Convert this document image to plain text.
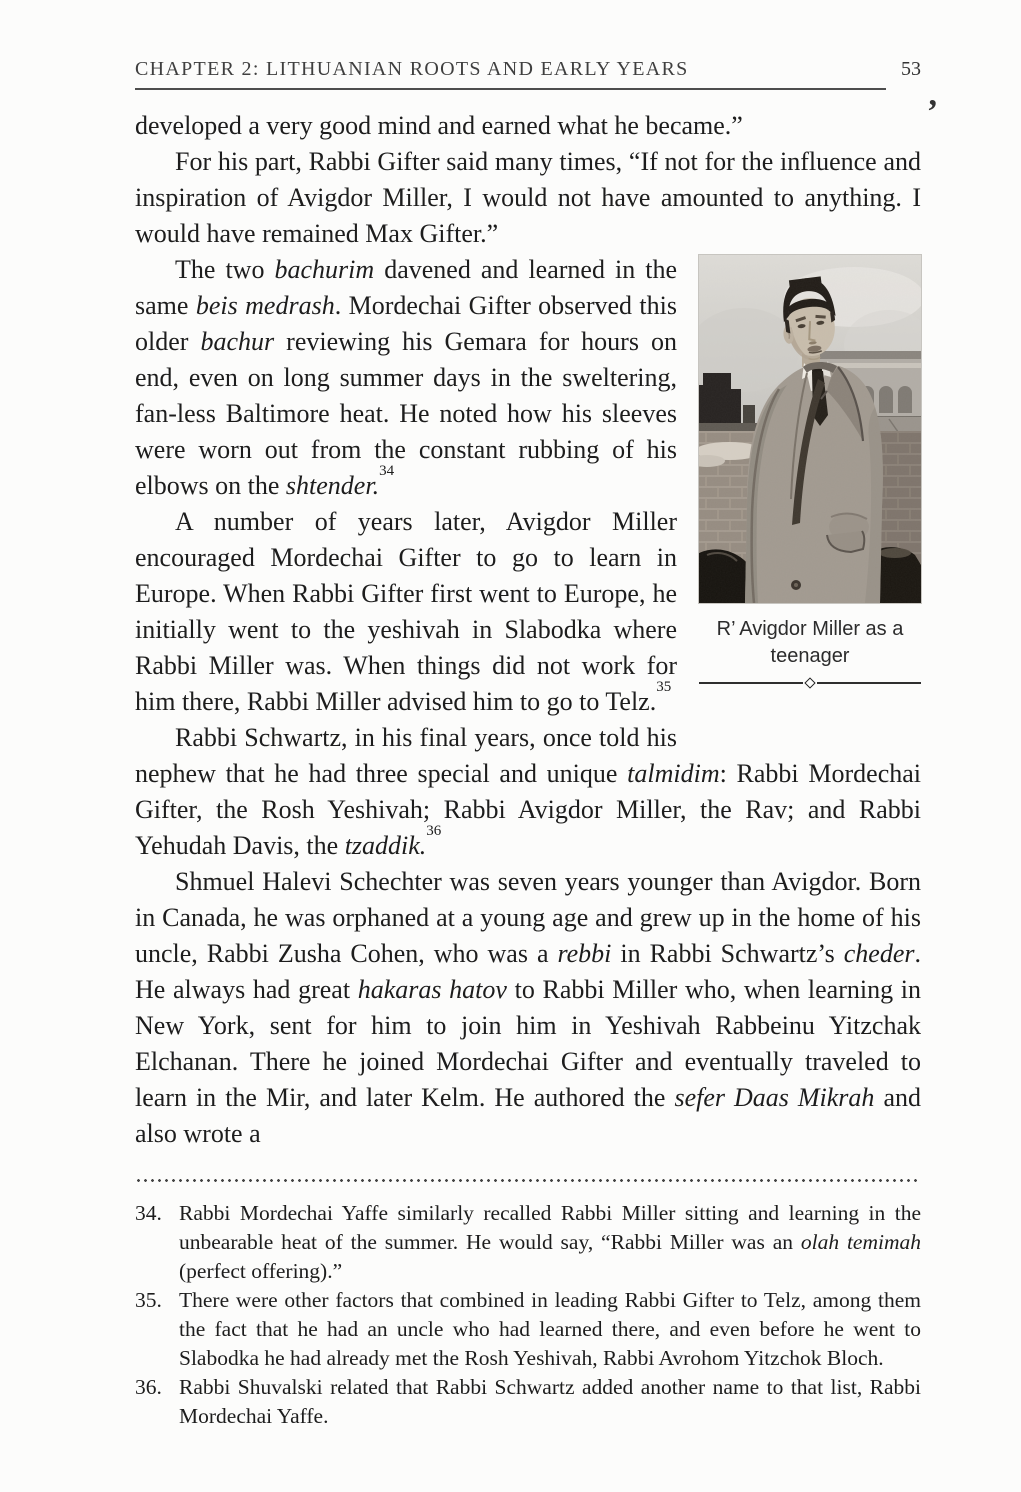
CHAPTER 2: LITHUANIAN ROOTS AND EARLY YEARS	53
,

developed a very good mind and earned what he became.”

For his part, Rabbi Gifter said many times, “If not for the influence and inspiration of Avigdor Miller, I would not have amounted to anything. I would have remained Max Gifter.”

R’ Avigdor Miller as a teenager

The two bachurim davened and learned in the same beis medrash. Mordechai Gifter observed this older bachur reviewing his Gemara for hours on end, even on long summer days in the sweltering, fan-less Baltimore heat. He noted how his sleeves were worn out from the constant rubbing of his elbows on the shtender.$^{34}$

A number of years later, Avigdor Miller encouraged Mordechai Gifter to go to learn in Europe. When Rabbi Gifter first went to Europe, he initially went to the yeshivah in Slabodka where Rabbi Miller was. When things did not work for him there, Rabbi Miller advised him to go to Telz.$^{35}$

Rabbi Schwartz, in his final years, once told his nephew that he had three special and unique talmidim: Rabbi Mordechai Gifter, the Rosh Yeshivah; Rabbi Avigdor Miller, the Rav; and Rabbi Yehudah Davis, the tzaddik.$^{36}$

Shmuel Halevi Schechter was seven years younger than Avigdor. Born in Canada, he was orphaned at a young age and grew up in the home of his uncle, Rabbi Zusha Cohen, who was a rebbi in Rabbi Schwartz’s cheder. He always had great hakaras hatov to Rabbi Miller who, when learning in New York, sent for him to join him in Yeshivah Rabbeinu Yitzchak Elchanan. There he joined Mordechai Gifter and eventually traveled to learn in the Mir, and later Kelm. He authored the sefer Daas Mikrah and also wrote a

34. Rabbi Mordechai Yaffe similarly recalled Rabbi Miller sitting and learning in the unbearable heat of the summer. He would say, “Rabbi Miller was an olah temimah (perfect offering).”
35. There were other factors that combined in leading Rabbi Gifter to Telz, among them the fact that he had an uncle who had learned there, and even before he went to Slabodka he had already met the Rosh Yeshivah, Rabbi Avrohom Yitzchok Bloch.
36. Rabbi Shuvalski related that Rabbi Schwartz added another name to that list, Rabbi Mordechai Yaffe.
